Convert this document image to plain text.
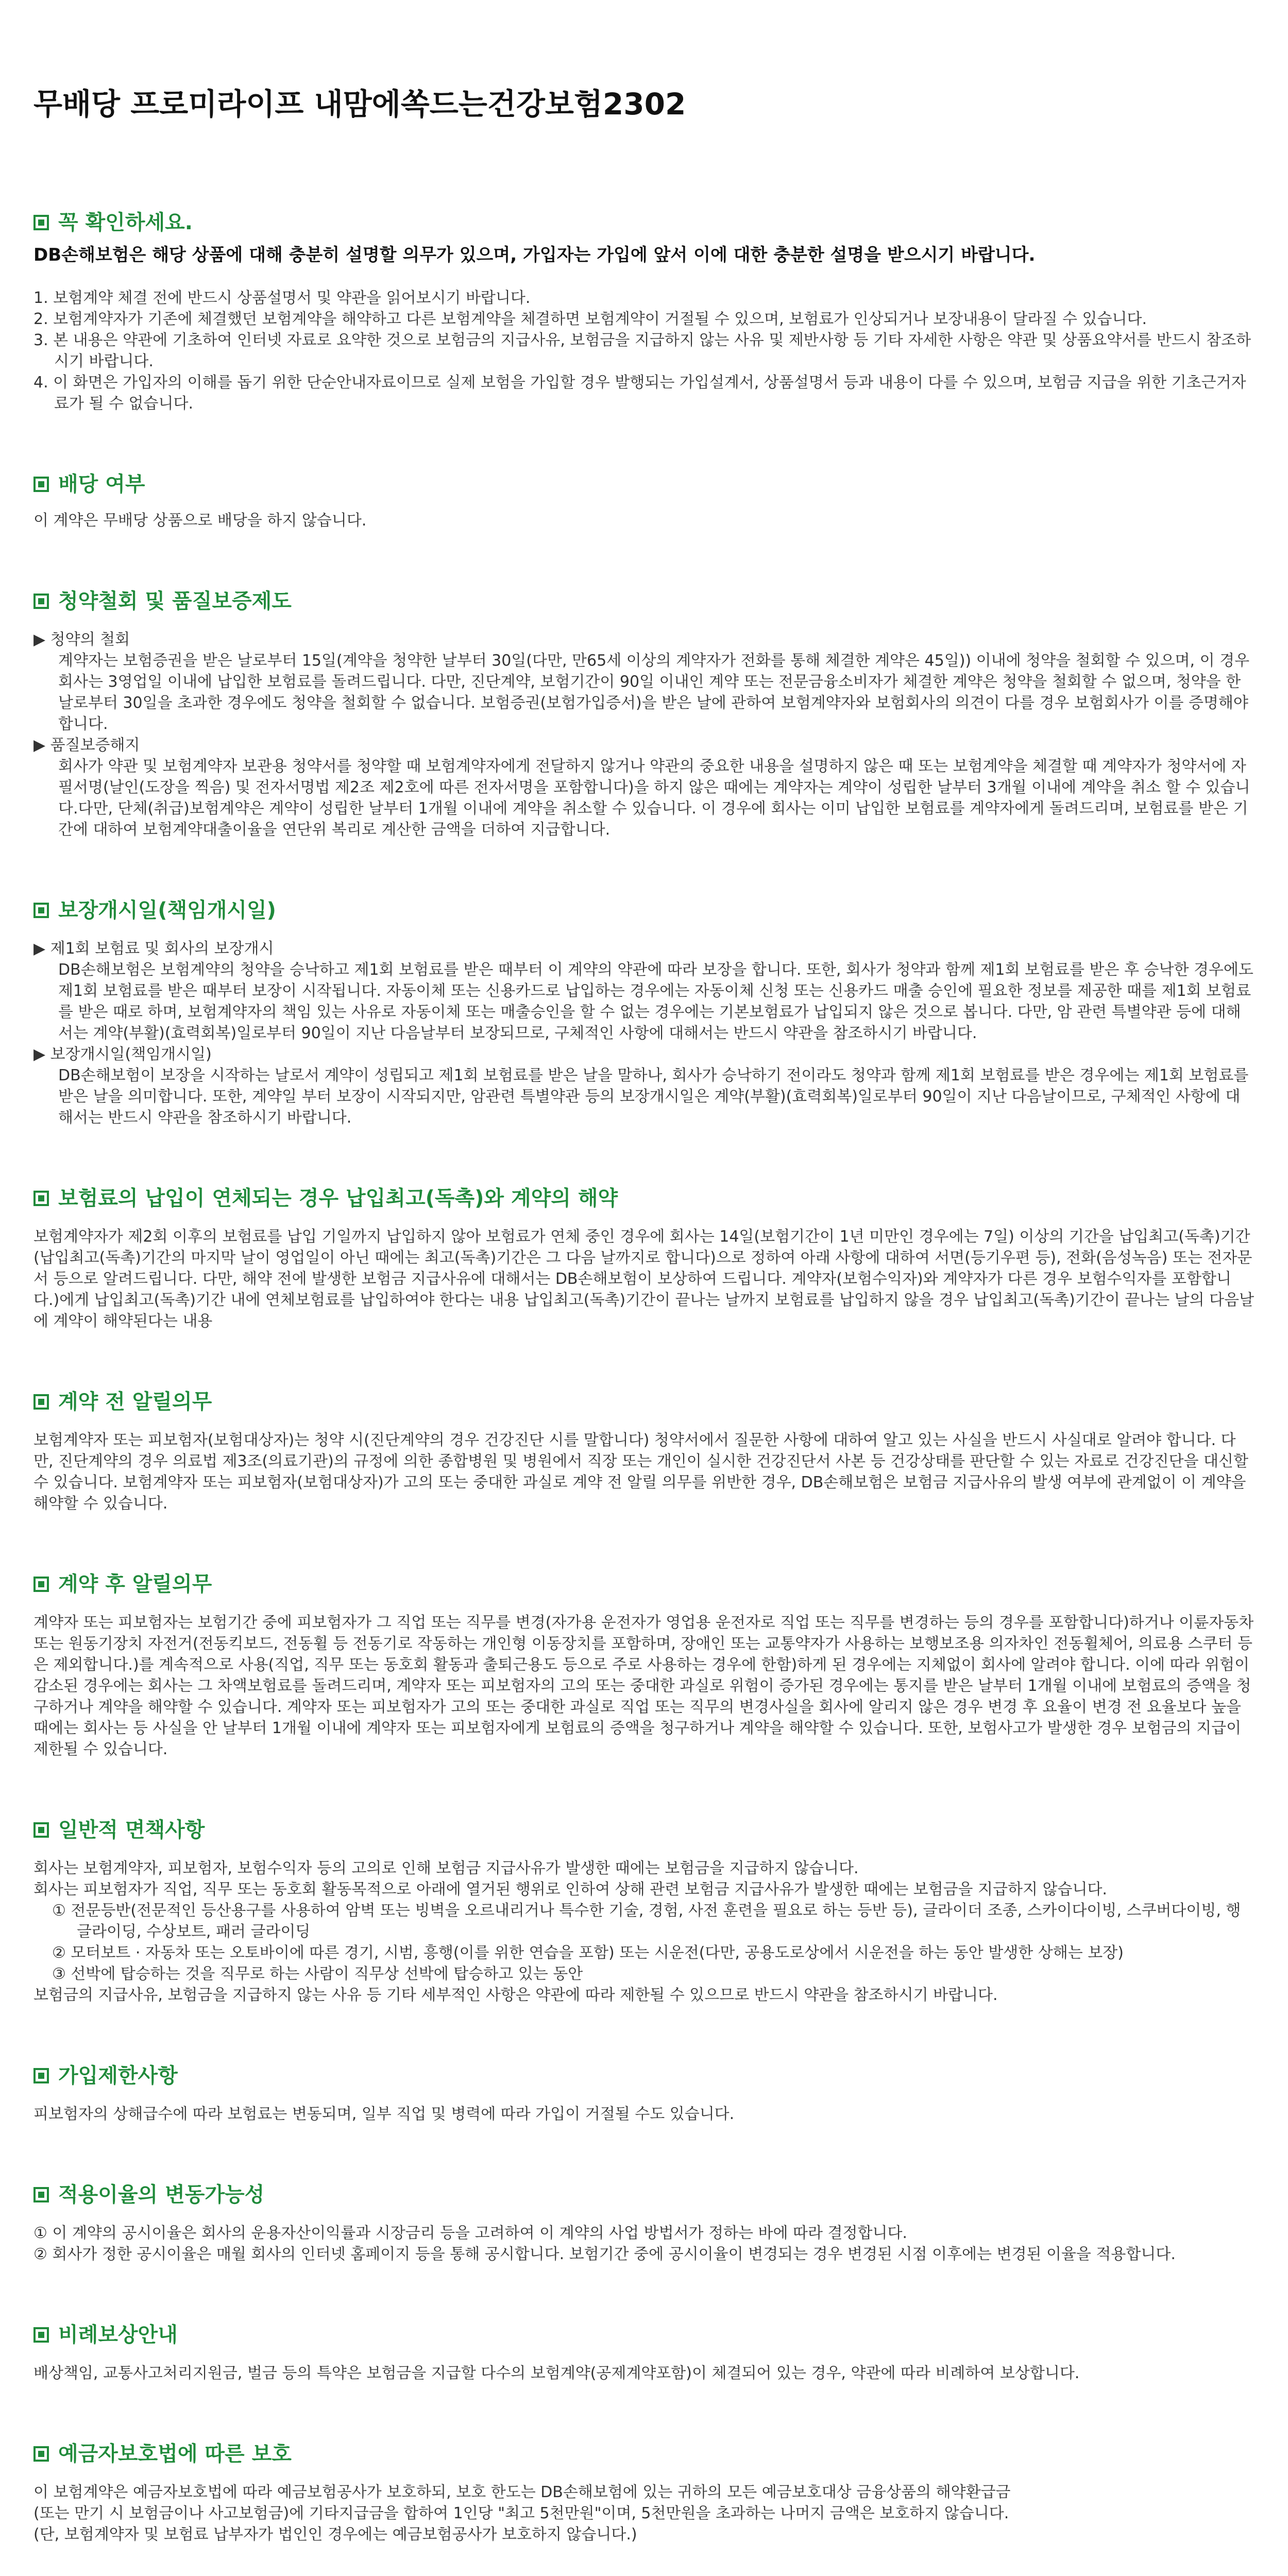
무배당 프로미라이프 내맘에쏙드는건강보험2302
꼭 확인하세요.

DB손해보험은 해당 상품에 대해 충분히 설명할 의무가 있으며, 가입자는 가입에 앞서 이에 대한 충분한 설명을 받으시기 바랍니다.

1. 보험계약 체결 전에 반드시 상품설명서 및 약관을 읽어보시기 바랍니다.
2. 보험계약자가 기존에 체결했던 보험계약을 해약하고 다른 보험계약을 체결하면 보험계약이 거절될 수 있으며, 보험료가 인상되거나 보장내용이 달라질 수 있습니다.
3. 본 내용은 약관에 기초하여 인터넷 자료로 요약한 것으로 보험금의 지급사유, 보험금을 지급하지 않는 사유 및 제반사항 등 기타 자세한 사항은 약관 및 상품요약서를 반드시 참조하시기 바랍니다.
4. 이 화면은 가입자의 이해를 돕기 위한 단순안내자료이므로 실제 보험을 가입할 경우 발행되는 가입설계서, 상품설명서 등과 내용이 다를 수 있으며, 보험금 지급을 위한 기초근거자료가 될 수 없습니다.
배당 여부

이 계약은 무배당 상품으로 배당을 하지 않습니다.

청약철회 및 품질보증제도

▶ 청약의 철회

계약자는 보험증권을 받은 날로부터 15일(계약을 청약한 날부터 30일(다만, 만65세 이상의 계약자가 전화를 통해 체결한 계약은 45일)) 이내에 청약을 철회할 수 있으며, 이 경우 회사는 3영업일 이내에 납입한 보험료를 돌려드립니다. 다만, 진단계약, 보험기간이 90일 이내인 계약 또는 전문금융소비자가 체결한 계약은 청약을 철회할 수 없으며, 청약을 한 날로부터 30일을 초과한 경우에도 청약을 철회할 수 없습니다. 보험증권(보험가입증서)을 받은 날에 관하여 보험계약자와 보험회사의 의견이 다를 경우 보험회사가 이를 증명해야 합니다.

▶ 품질보증해지

회사가 약관 및 보험계약자 보관용 청약서를 청약할 때 보험계약자에게 전달하지 않거나 약관의 중요한 내용을 설명하지 않은 때 또는 보험계약을 체결할 때 계약자가 청약서에 자필서명(날인(도장을 찍음) 및 전자서명법 제2조 제2호에 따른 전자서명을 포함합니다)을 하지 않은 때에는 계약자는 계약이 성립한 날부터 3개월 이내에 계약을 취소 할 수 있습니다.다만, 단체(취급)보험계약은 계약이 성립한 날부터 1개월 이내에 계약을 취소할 수 있습니다. 이 경우에 회사는 이미 납입한 보험료를 계약자에게 돌려드리며, 보험료를 받은 기간에 대하여 보험계약대출이율을 연단위 복리로 계산한 금액을 더하여 지급합니다.

보장개시일(책임개시일)

▶ 제1회 보험료 및 회사의 보장개시

DB손해보험은 보험계약의 청약을 승낙하고 제1회 보험료를 받은 때부터 이 계약의 약관에 따라 보장을 합니다. 또한, 회사가 청약과 함께 제1회 보험료를 받은 후 승낙한 경우에도 제1회 보험료를 받은 때부터 보장이 시작됩니다. 자동이체 또는 신용카드로 납입하는 경우에는 자동이체 신청 또는 신용카드 매출 승인에 필요한 정보를 제공한 때를 제1회 보험료를 받은 때로 하며, 보험계약자의 책임 있는 사유로 자동이체 또는 매출승인을 할 수 없는 경우에는 기본보험료가 납입되지 않은 것으로 봅니다. 다만, 암 관련 특별약관 등에 대해서는 계약(부활)(효력회복)일로부터 90일이 지난 다음날부터 보장되므로, 구체적인 사항에 대해서는 반드시 약관을 참조하시기 바랍니다.

▶ 보장개시일(책임개시일)

DB손해보험이 보장을 시작하는 날로서 계약이 성립되고 제1회 보험료를 받은 날을 말하나, 회사가 승낙하기 전이라도 청약과 함께 제1회 보험료를 받은 경우에는 제1회 보험료를 받은 날을 의미합니다. 또한, 계약일 부터 보장이 시작되지만, 암관련 특별약관 등의 보장개시일은 계약(부활)(효력회복)일로부터 90일이 지난 다음날이므로, 구체적인 사항에 대해서는 반드시 약관을 참조하시기 바랍니다.

보험료의 납입이 연체되는 경우 납입최고(독촉)와 계약의 해약

보험계약자가 제2회 이후의 보험료를 납입 기일까지 납입하지 않아 보험료가 연체 중인 경우에 회사는 14일(보험기간이 1년 미만인 경우에는 7일) 이상의 기간을 납입최고(독촉)기간(납입최고(독촉)기간의 마지막 날이 영업일이 아닌 때에는 최고(독촉)기간은 그 다음 날까지로 합니다)으로 정하여 아래 사항에 대하여 서면(등기우편 등), 전화(음성녹음) 또는 전자문서 등으로 알려드립니다. 다만, 해약 전에 발생한 보험금 지급사유에 대해서는 DB손해보험이 보상하여 드립니다. 계약자(보험수익자)와 계약자가 다른 경우 보험수익자를 포함합니다.)에게 납입최고(독촉)기간 내에 연체보험료를 납입하여야 한다는 내용 납입최고(독촉)기간이 끝나는 날까지 보험료를 납입하지 않을 경우 납입최고(독촉)기간이 끝나는 날의 다음날에 계약이 해약된다는 내용

계약 전 알릴의무

보험계약자 또는 피보험자(보험대상자)는 청약 시(진단계약의 경우 건강진단 시를 말합니다) 청약서에서 질문한 사항에 대하여 알고 있는 사실을 반드시 사실대로 알려야 합니다. 다만, 진단계약의 경우 의료법 제3조(의료기관)의 규정에 의한 종합병원 및 병원에서 직장 또는 개인이 실시한 건강진단서 사본 등 건강상태를 판단할 수 있는 자료로 건강진단을 대신할 수 있습니다. 보험계약자 또는 피보험자(보험대상자)가 고의 또는 중대한 과실로 계약 전 알릴 의무를 위반한 경우, DB손해보험은 보험금 지급사유의 발생 여부에 관계없이 이 계약을 해약할 수 있습니다.

계약 후 알릴의무

계약자 또는 피보험자는 보험기간 중에 피보험자가 그 직업 또는 직무를 변경(자가용 운전자가 영업용 운전자로 직업 또는 직무를 변경하는 등의 경우를 포함합니다)하거나 이륜자동차 또는 원동기장치 자전거(전동킥보드, 전동휠 등 전동기로 작동하는 개인형 이동장치를 포함하며, 장애인 또는 교통약자가 사용하는 보행보조용 의자차인 전동휠체어, 의료용 스쿠터 등은 제외합니다.)를 계속적으로 사용(직업, 직무 또는 동호회 활동과 출퇴근용도 등으로 주로 사용하는 경우에 한함)하게 된 경우에는 지체없이 회사에 알려야 합니다. 이에 따라 위험이 감소된 경우에는 회사는 그 차액보험료를 돌려드리며, 계약자 또는 피보험자의 고의 또는 중대한 과실로 위험이 증가된 경우에는 통지를 받은 날부터 1개월 이내에 보험료의 증액을 청구하거나 계약을 해약할 수 있습니다. 계약자 또는 피보험자가 고의 또는 중대한 과실로 직업 또는 직무의 변경사실을 회사에 알리지 않은 경우 변경 후 요율이 변경 전 요율보다 높을 때에는 회사는 등 사실을 안 날부터 1개월 이내에 계약자 또는 피보험자에게 보험료의 증액을 청구하거나 계약을 해약할 수 있습니다. 또한, 보험사고가 발생한 경우 보험금의 지급이 제한될 수 있습니다.

일반적 면책사항

회사는 보험계약자, 피보험자, 보험수익자 등의 고의로 인해 보험금 지급사유가 발생한 때에는 보험금을 지급하지 않습니다.

회사는 피보험자가 직업, 직무 또는 동호회 활동목적으로 아래에 열거된 행위로 인하여 상해 관련 보험금 지급사유가 발생한 때에는 보험금을 지급하지 않습니다.

① 전문등반(전문적인 등산용구를 사용하여 암벽 또는 빙벽을 오르내리거나 특수한 기술, 경험, 사전 훈련을 필요로 하는 등반 등), 글라이더 조종, 스카이다이빙, 스쿠버다이빙, 행글라이딩, 수상보트, 패러 글라이딩

② 모터보트 · 자동차 또는 오토바이에 따른 경기, 시범, 흥행(이를 위한 연습을 포함) 또는 시운전(다만, 공용도로상에서 시운전을 하는 동안 발생한 상해는 보장)

③ 선박에 탑승하는 것을 직무로 하는 사람이 직무상 선박에 탑승하고 있는 동안

보험금의 지급사유, 보험금을 지급하지 않는 사유 등 기타 세부적인 사항은 약관에 따라 제한될 수 있으므로 반드시 약관을 참조하시기 바랍니다.

가입제한사항

피보험자의 상해급수에 따라 보험료는 변동되며, 일부 직업 및 병력에 따라 가입이 거절될 수도 있습니다.

적용이율의 변동가능성

① 이 계약의 공시이율은 회사의 운용자산이익률과 시장금리 등을 고려하여 이 계약의 사업 방법서가 정하는 바에 따라 결정합니다.

② 회사가 정한 공시이율은 매월 회사의 인터넷 홈페이지 등을 통해 공시합니다. 보험기간 중에 공시이율이 변경되는 경우 변경된 시점 이후에는 변경된 이율을 적용합니다.

비례보상안내

배상책임, 교통사고처리지원금, 벌금 등의 특약은 보험금을 지급할 다수의 보험계약(공제계약포함)이 체결되어 있는 경우, 약관에 따라 비례하여 보상합니다.

예금자보호법에 따른 보호

이 보험계약은 예금자보호법에 따라 예금보험공사가 보호하되, 보호 한도는 DB손해보험에 있는 귀하의 모든 예금보호대상 금융상품의 해약환급금

(또는 만기 시 보험금이나 사고보험금)에 기타지급금을 합하여 1인당 "최고 5천만원"이며, 5천만원을 초과하는 나머지 금액은 보호하지 않습니다.

(단, 보험계약자 및 보험료 납부자가 법인인 경우에는 예금보험공사가 보호하지 않습니다.)
